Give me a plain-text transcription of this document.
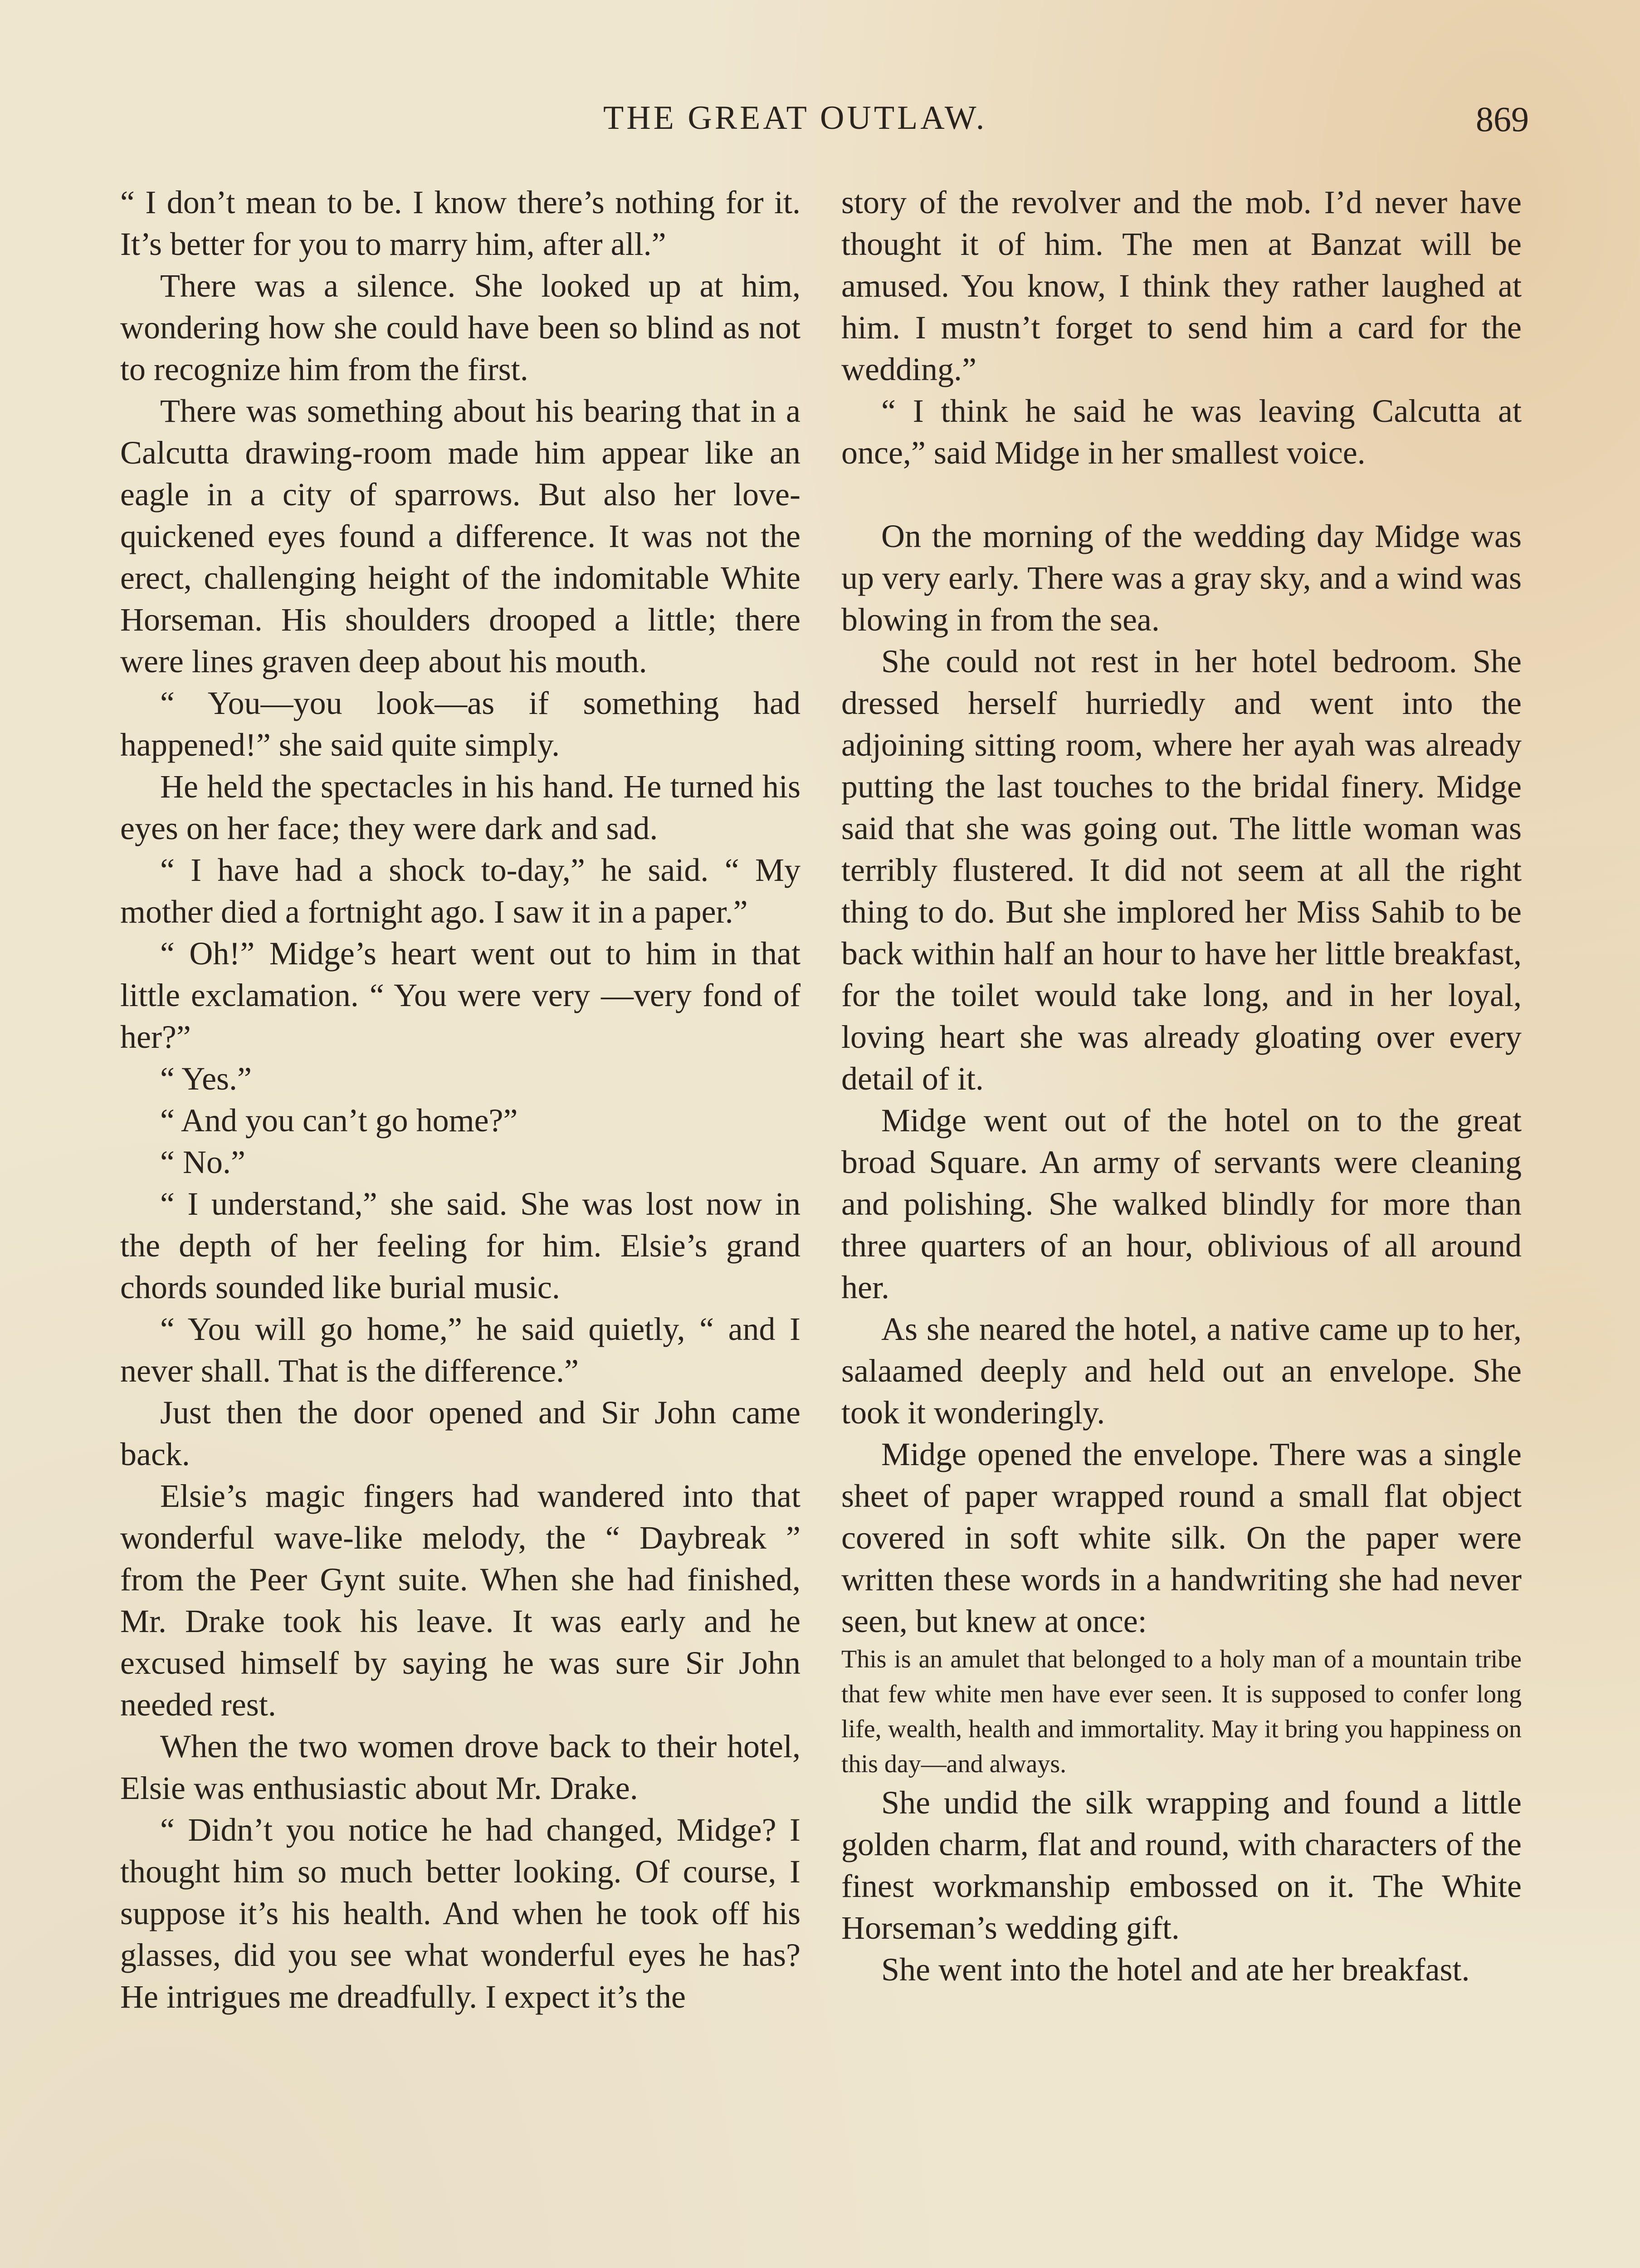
THE GREAT OUTLAW.	869

“ I don’t mean to be. I know there’s nothing for it. It’s better for you to marry him, after all.”

There was a silence. She looked up at him, wondering how she could have been so blind as not to recognize him from the first.

There was something about his bearing that in a Calcutta drawing-room made him appear like an eagle in a city of sparrows. But also her love-quickened eyes found a difference. It was not the erect, challenging height of the indomitable White Horseman. His shoulders drooped a little; there were lines graven deep about his mouth.

“ You—you look—as if something had happened!” she said quite simply.

He held the spectacles in his hand. He turned his eyes on her face; they were dark and sad.

“ I have had a shock to-day,” he said. “ My mother died a fortnight ago. I saw it in a paper.”

“ Oh!” Midge’s heart went out to him in that little exclamation. “ You were very —very fond of her?”

“ Yes.”

“ And you can’t go home?”

“ No.”

“ I understand,” she said. She was lost now in the depth of her feeling for him. Elsie’s grand chords sounded like burial music.

“ You will go home,” he said quietly, “ and I never shall. That is the difference.”

Just then the door opened and Sir John came back.

Elsie’s magic fingers had wandered into that wonderful wave-like melody, the “ Daybreak ” from the Peer Gynt suite. When she had finished, Mr. Drake took his leave. It was early and he excused himself by saying he was sure Sir John needed rest.

When the two women drove back to their hotel, Elsie was enthusiastic about Mr. Drake.

“ Didn’t you notice he had changed, Midge? I thought him so much better looking. Of course, I suppose it’s his health. And when he took off his glasses, did you see what wonderful eyes he has? He intrigues me dreadfully. I expect it’s the

story of the revolver and the mob. I’d never have thought it of him. The men at Banzat will be amused. You know, I think they rather laughed at him. I mustn’t forget to send him a card for the wedding.”

“ I think he said he was leaving Calcutta at once,” said Midge in her smallest voice.

On the morning of the wedding day Midge was up very early. There was a gray sky, and a wind was blowing in from the sea.

She could not rest in her hotel bedroom. She dressed herself hurriedly and went into the adjoining sitting room, where her ayah was already putting the last touches to the bridal finery. Midge said that she was going out. The little woman was terribly flustered. It did not seem at all the right thing to do. But she implored her Miss Sahib to be back within half an hour to have her little breakfast, for the toilet would take long, and in her loyal, loving heart she was already gloating over every detail of it.

Midge went out of the hotel on to the great broad Square. An army of servants were cleaning and polishing. She walked blindly for more than three quarters of an hour, oblivious of all around her.

As she neared the hotel, a native came up to her, salaamed deeply and held out an envelope. She took it wonderingly.

Midge opened the envelope. There was a single sheet of paper wrapped round a small flat object covered in soft white silk. On the paper were written these words in a handwriting she had never seen, but knew at once:

This is an amulet that belonged to a holy man of a mountain tribe that few white men have ever seen. It is supposed to confer long life, wealth, health and immortality. May it bring you happiness on this day—and always.

She undid the silk wrapping and found a little golden charm, flat and round, with characters of the finest workmanship embossed on it. The White Horseman’s wedding gift.

She went into the hotel and ate her breakfast.
